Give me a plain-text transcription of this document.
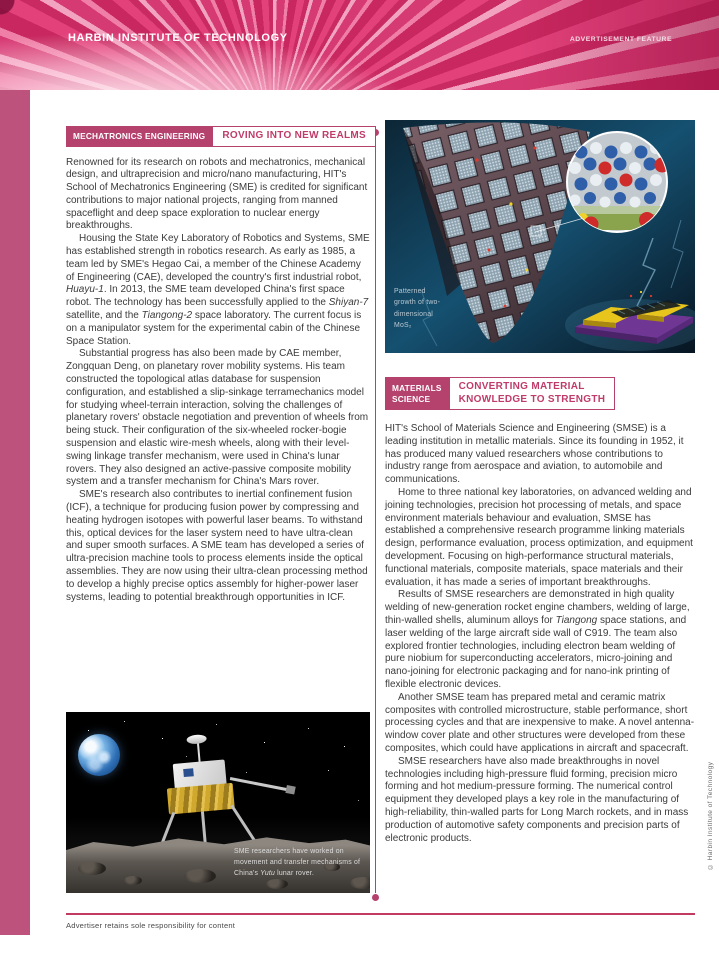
HARBIN INSTITUTE OF TECHNOLOGY	ADVERTISEMENT FEATURE
MECHATRONICS ENGINEERING ROVING INTO NEW REALMS

Renowned for its research on robots and mechatronics, mechanical design, and ultraprecision and micro/nano manufacturing, HIT's School of Mechatronics Engineering (SME) is credited for significant contributions to major national projects, ranging from manned spaceflight and deep space exploration to nuclear energy breakthroughs.

Housing the State Key Laboratory of Robotics and Systems, SME has established strength in robotics research. As early as 1985, a team led by SME's Hegao Cai, a member of the Chinese Academy of Engineering (CAE), developed the country's first industrial robot, Huayu-1. In 2013, the SME team developed China's first space robot. The technology has been successfully applied to the Shiyan-7 satellite, and the Tiangong-2 space laboratory. The current focus is on a manipulator system for the experimental cabin of the Chinese Space Station.

Substantial progress has also been made by CAE member, Zongquan Deng, on planetary rover mobility systems. His team constructed the topological atlas database for suspension configuration, and established a slip-sinkage terramechanics model for studying wheel-terrain interaction, solving the challenges of planetary rovers' obstacle negotiation and prevention of wheels from being stuck. Their configuration of the six-wheeled rocker-bogie suspension and elastic wire-mesh wheels, along with their level-swing linkage transfer mechanism, were used in China's lunar rovers. They also designed an active-passive composite mobility system and a transfer mechanism for China's Mars rover.

SME's research also contributes to inertial confinement fusion (ICF), a technique for producing fusion power by compressing and heating hydrogen isotopes with powerful laser beams. To withstand this, optical devices for the laser system need to have ultra-clean and super smooth surfaces. A SME team has developed a series of ultra-precision machine tools to process elements inside the optical assemblies. They are now using their ultra-clean processing method to develop a highly precise optics assembly for higher-power laser systems, leading to potential breakthrough opportunities in ICF.

SME researchers have worked on movement and transfer mechanisms of China's Yutu lunar rover.
Patterned
growth of two-
dimensional
MoS₂
MATERIALS
SCIENCE
CONVERTING MATERIAL
KNOWLEDGE TO STRENGTH

HIT's School of Materials Science and Engineering (SMSE) is a leading institution in metallic materials. Since its founding in 1952, it has produced many valued researchers whose contributions to industry range from aerospace and aviation, to automobile and communications.

Home to three national key laboratories, on advanced welding and joining technologies, precision hot processing of metals, and space environment materials behaviour and evaluation, SMSE has established a comprehensive research programme linking materials design, performance evaluation, process optimization, and equipment development. Focusing on high-performance structural materials, functional materials, composite materials, space materials and their evaluation, it has made a series of important breakthroughs.

Results of SMSE researchers are demonstrated in high quality welding of new-generation rocket engine chambers, welding of large, thin-walled shells, aluminum alloys for Tiangong space stations, and laser welding of the large aircraft side wall of C919. The team also explored frontier technologies, including electron beam welding of pure niobium for superconducting accelerators, micro-joining and nano-joining for electronic packaging and for nano-ink printing of flexible electronic devices.

Another SMSE team has prepared metal and ceramic matrix composites with controlled microstructure, stable performance, short processing cycles and that are inexpensive to make. A novel antenna-window cover plate and other structures were developed from these composites, which could have applications in aircraft and spacecraft.

SMSE researchers have also made breakthroughs in novel technologies including high-pressure fluid forming, precision micro forming and hot medium-pressure forming. The numerical control equipment they developed plays a key role in the manufacturing of high-reliability, thin-walled parts for Long March rockets, and in mass production of automotive safety components and precision parts of electronic products.	© Harbin Institute of Technology
Advertiser retains sole responsibility for content
